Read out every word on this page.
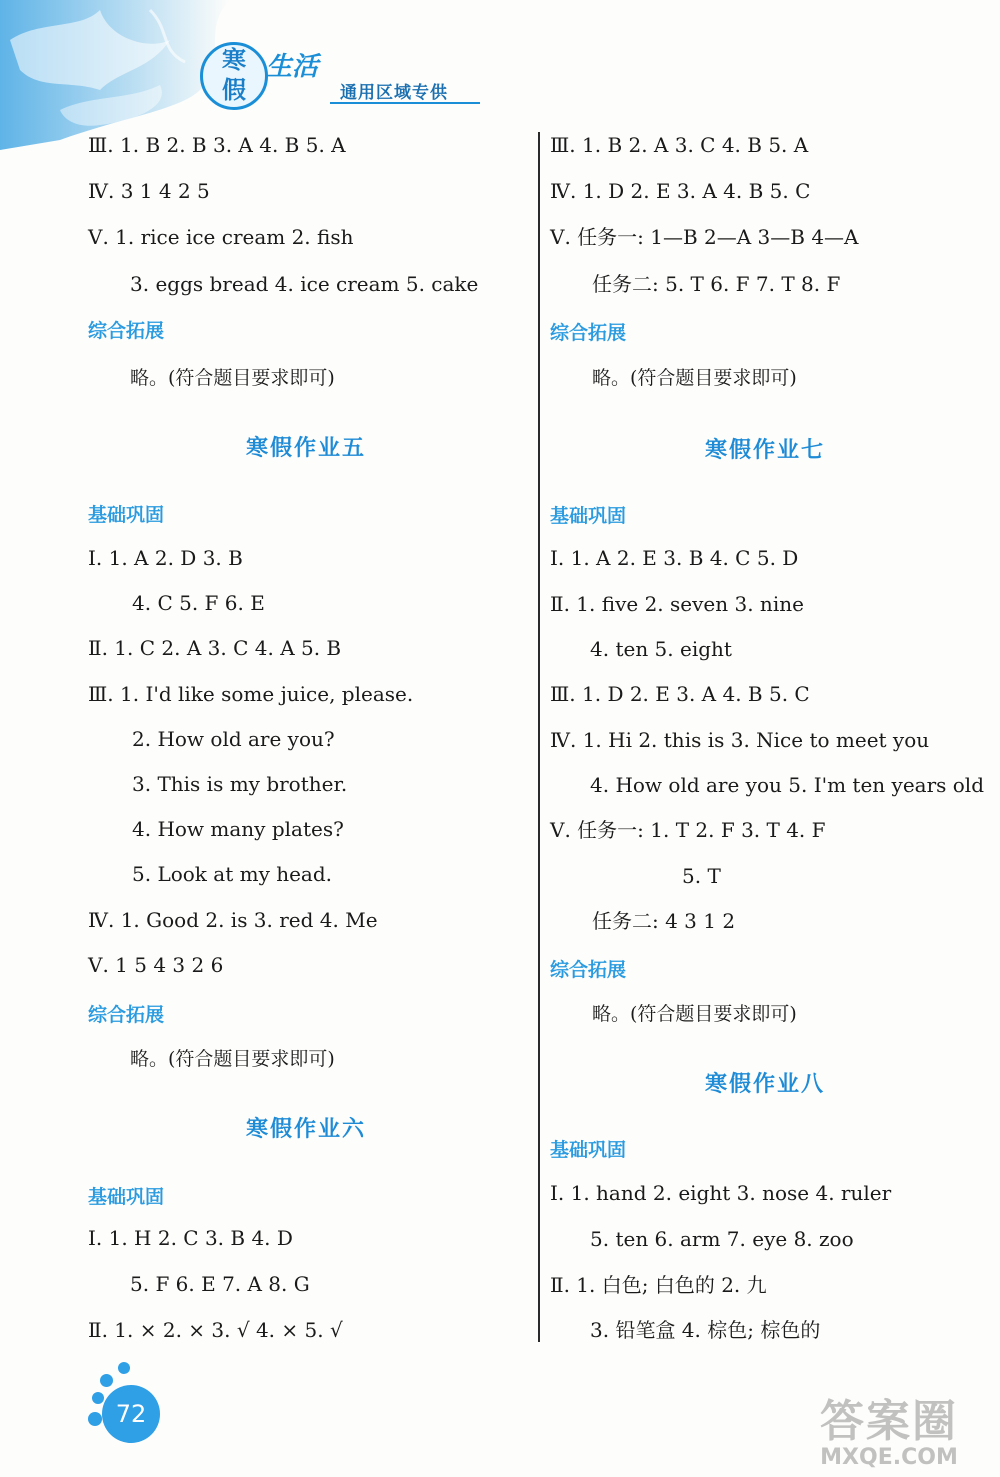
寒
假
生活
通用区域专供
Ⅲ. 1. B 2. B 3. A 4. B 5. A
Ⅳ. 3 1 4 2 5
Ⅴ. 1. rice ice cream 2. fish
3. eggs bread 4. ice cream 5. cake
综合拓展
略。(符合题目要求即可)
寒假作业五
基础巩固
Ⅰ. 1. A 2. D 3. B
4. C 5. F 6. E
Ⅱ. 1. C 2. A 3. C 4. A 5. B
Ⅲ. 1. I'd like some juice, please.
2. How old are you?
3. This is my brother.
4. How many plates?
5. Look at my head.
Ⅳ. 1. Good 2. is 3. red 4. Me
Ⅴ. 1 5 4 3 2 6
综合拓展
略。(符合题目要求即可)
寒假作业六
基础巩固
Ⅰ. 1. H 2. C 3. B 4. D
5. F 6. E 7. A 8. G
Ⅱ. 1. × 2. × 3. √ 4. × 5. √
Ⅲ. 1. B 2. A 3. C 4. B 5. A
Ⅳ. 1. D 2. E 3. A 4. B 5. C
Ⅴ. 任务一: 1—B 2—A 3—B 4—A
任务二: 5. T 6. F 7. T 8. F
综合拓展
略。(符合题目要求即可)
寒假作业七
基础巩固
Ⅰ. 1. A 2. E 3. B 4. C 5. D
Ⅱ. 1. five 2. seven 3. nine
4. ten 5. eight
Ⅲ. 1. D 2. E 3. A 4. B 5. C
Ⅳ. 1. Hi 2. this is 3. Nice to meet you
4. How old are you 5. I'm ten years old
Ⅴ. 任务一: 1. T 2. F 3. T 4. F
5. T
任务二: 4 3 1 2
综合拓展
略。(符合题目要求即可)
寒假作业八
基础巩固
Ⅰ. 1. hand 2. eight 3. nose 4. ruler
5. ten 6. arm 7. eye 8. zoo
Ⅱ. 1. 白色; 白色的 2. 九
3. 铅笔盒 4. 棕色; 棕色的
72	答案圈
MXQE.COM
